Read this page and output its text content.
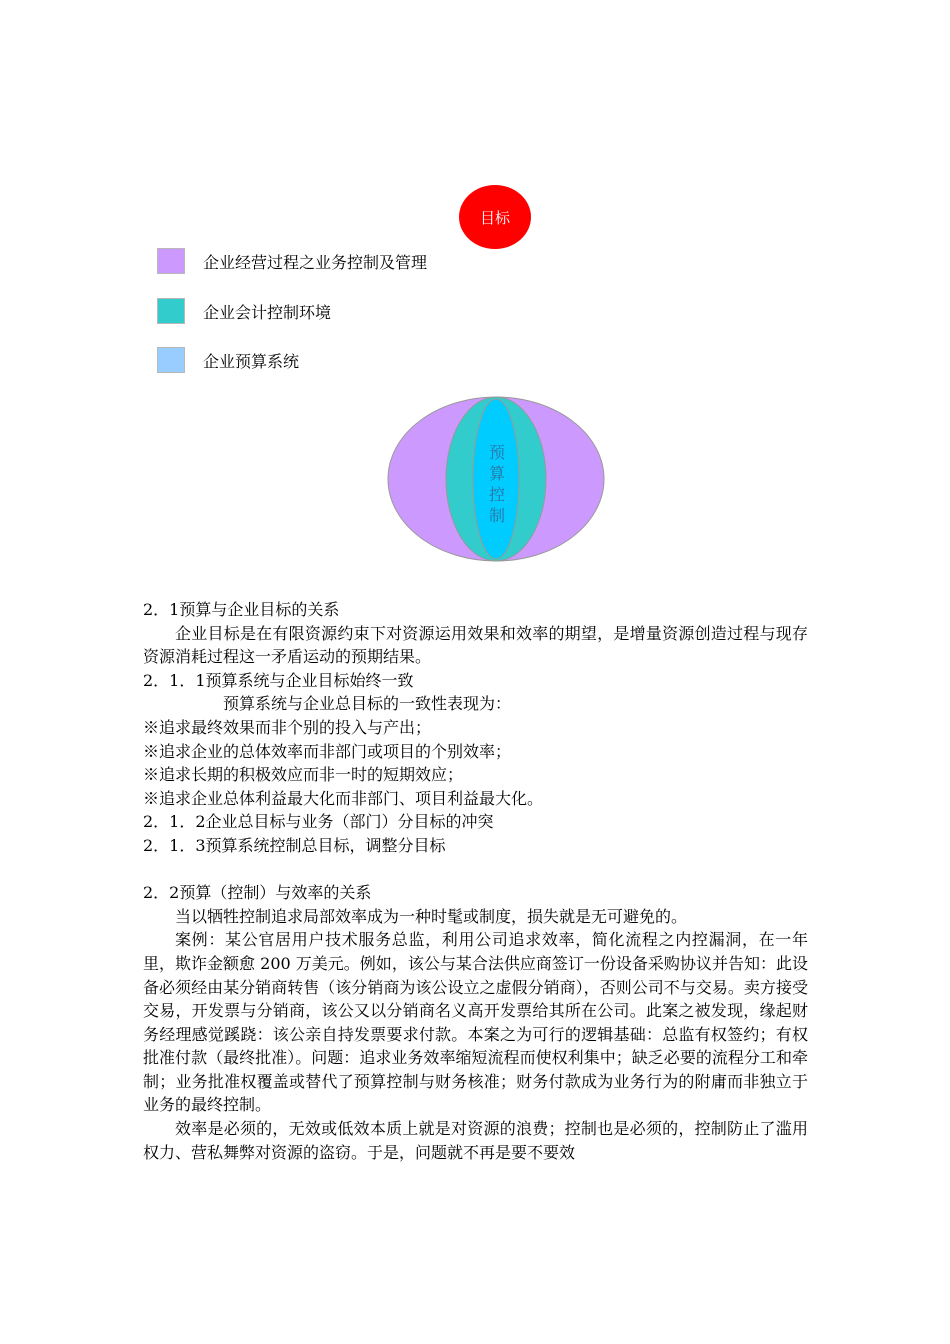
目标
企业经营过程之业务控制及管理
企业会计控制环境
企业预算系统
预
算
控
制

2．1预算与企业目标的关系

企业目标是在有限资源约束下对资源运用效果和效率的期望，是增量资源创造过程与现存资源消耗过程这一矛盾运动的预期结果。

2．1．1预算系统与企业目标始终一致

预算系统与企业总目标的一致性表现为：

※追求最终效果而非个别的投入与产出；

※追求企业的总体效率而非部门或项目的个别效率；

※追求长期的积极效应而非一时的短期效应；

※追求企业总体利益最大化而非部门、项目利益最大化。

2．1．2企业总目标与业务（部门）分目标的冲突

2．1．3预算系统控制总目标，调整分目标

2．2预算（控制）与效率的关系

当以牺牲控制追求局部效率成为一种时髦或制度，损失就是无可避免的。

案例：某公官居用户技术服务总监，利用公司追求效率，简化流程之内控漏洞，在一年里，欺诈金额愈 200 万美元。例如，该公与某合法供应商签订一份设备采购协议并告知：此设备必须经由某分销商转售（该分销商为该公设立之虚假分销商），否则公司不与交易。卖方接受交易，开发票与分销商，该公又以分销商名义高开发票给其所在公司。此案之被发现，缘起财务经理感觉蹊跷：该公亲自持发票要求付款。本案之为可行的逻辑基础：总监有权签约；有权批准付款（最终批准）。问题：追求业务效率缩短流程而使权利集中；缺乏必要的流程分工和牵制；业务批准权覆盖或替代了预算控制与财务核准；财务付款成为业务行为的附庸而非独立于业务的最终控制。

效率是必须的，无效或低效本质上就是对资源的浪费；控制也是必须的，控制防止了滥用权力、营私舞弊对资源的盗窃。于是，问题就不再是要不要效
